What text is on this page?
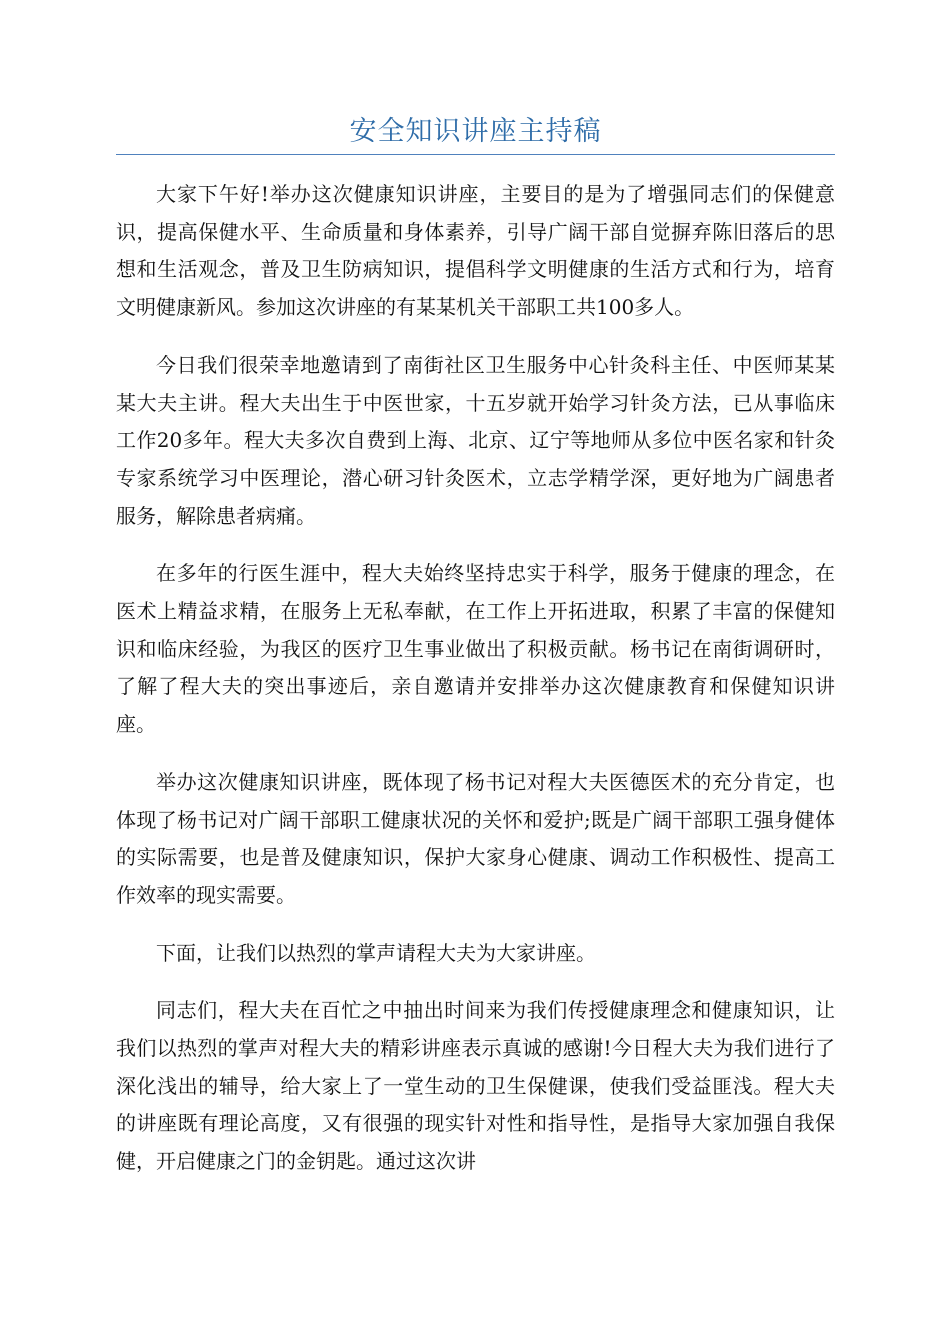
安全知识讲座主持稿

大家下午好!举办这次健康知识讲座，主要目的是为了增强同志们的保健意识，提高保健水平、生命质量和身体素养，引导广阔干部自觉摒弃陈旧落后的思想和生活观念，普及卫生防病知识，提倡科学文明健康的生活方式和行为，培育文明健康新风。参加这次讲座的有某某机关干部职工共100多人。

今日我们很荣幸地邀请到了南街社区卫生服务中心针灸科主任、中医师某某某大夫主讲。程大夫出生于中医世家，十五岁就开始学习针灸方法，已从事临床工作20多年。程大夫多次自费到上海、北京、辽宁等地师从多位中医名家和针灸专家系统学习中医理论，潜心研习针灸医术，立志学精学深，更好地为广阔患者服务，解除患者病痛。

在多年的行医生涯中，程大夫始终坚持忠实于科学，服务于健康的理念，在医术上精益求精，在服务上无私奉献，在工作上开拓进取，积累了丰富的保健知识和临床经验，为我区的医疗卫生事业做出了积极贡献。杨书记在南街调研时，了解了程大夫的突出事迹后，亲自邀请并安排举办这次健康教育和保健知识讲座。

举办这次健康知识讲座，既体现了杨书记对程大夫医德医术的充分肯定，也体现了杨书记对广阔干部职工健康状况的关怀和爱护;既是广阔干部职工强身健体的实际需要，也是普及健康知识，保护大家身心健康、调动工作积极性、提高工作效率的现实需要。

下面，让我们以热烈的掌声请程大夫为大家讲座。

同志们，程大夫在百忙之中抽出时间来为我们传授健康理念和健康知识，让我们以热烈的掌声对程大夫的精彩讲座表示真诚的感谢!今日程大夫为我们进行了深化浅出的辅导，给大家上了一堂生动的卫生保健课，使我们受益匪浅。程大夫的讲座既有理论高度，又有很强的现实针对性和指导性，是指导大家加强自我保健，开启健康之门的金钥匙。通过这次讲
